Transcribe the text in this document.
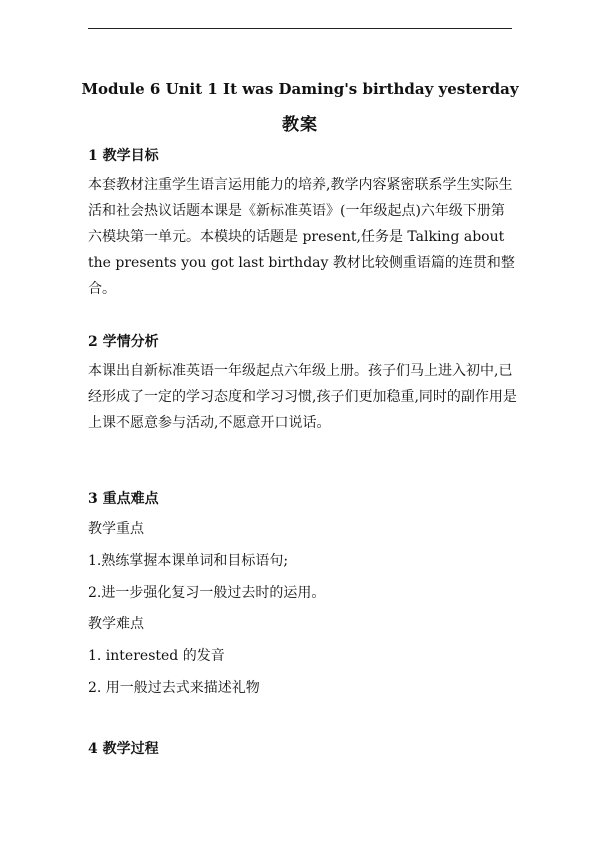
Module 6 Unit 1 It was Daming's birthday yesterday
教案
1 教学目标

本套教材注重学生语言运用能力的培养,教学内容紧密联系学生实际生活和社会热议话题本课是《新标准英语》(一年级起点)六年级下册第六模块第一单元。本模块的话题是 present,任务是 Talking about the presents you got last birthday 教材比较侧重语篇的连贯和整合。

2 学情分析

本课出自新标准英语一年级起点六年级上册。孩子们马上进入初中,已经形成了一定的学习态度和学习习惯,孩子们更加稳重,同时的副作用是上课不愿意参与活动,不愿意开口说话。

3 重点难点
教学重点
1.熟练掌握本课单词和目标语句;
2.进一步强化复习一般过去时的运用。
教学难点
1. interested 的发音
2. 用一般过去式来描述礼物
4 教学过程
